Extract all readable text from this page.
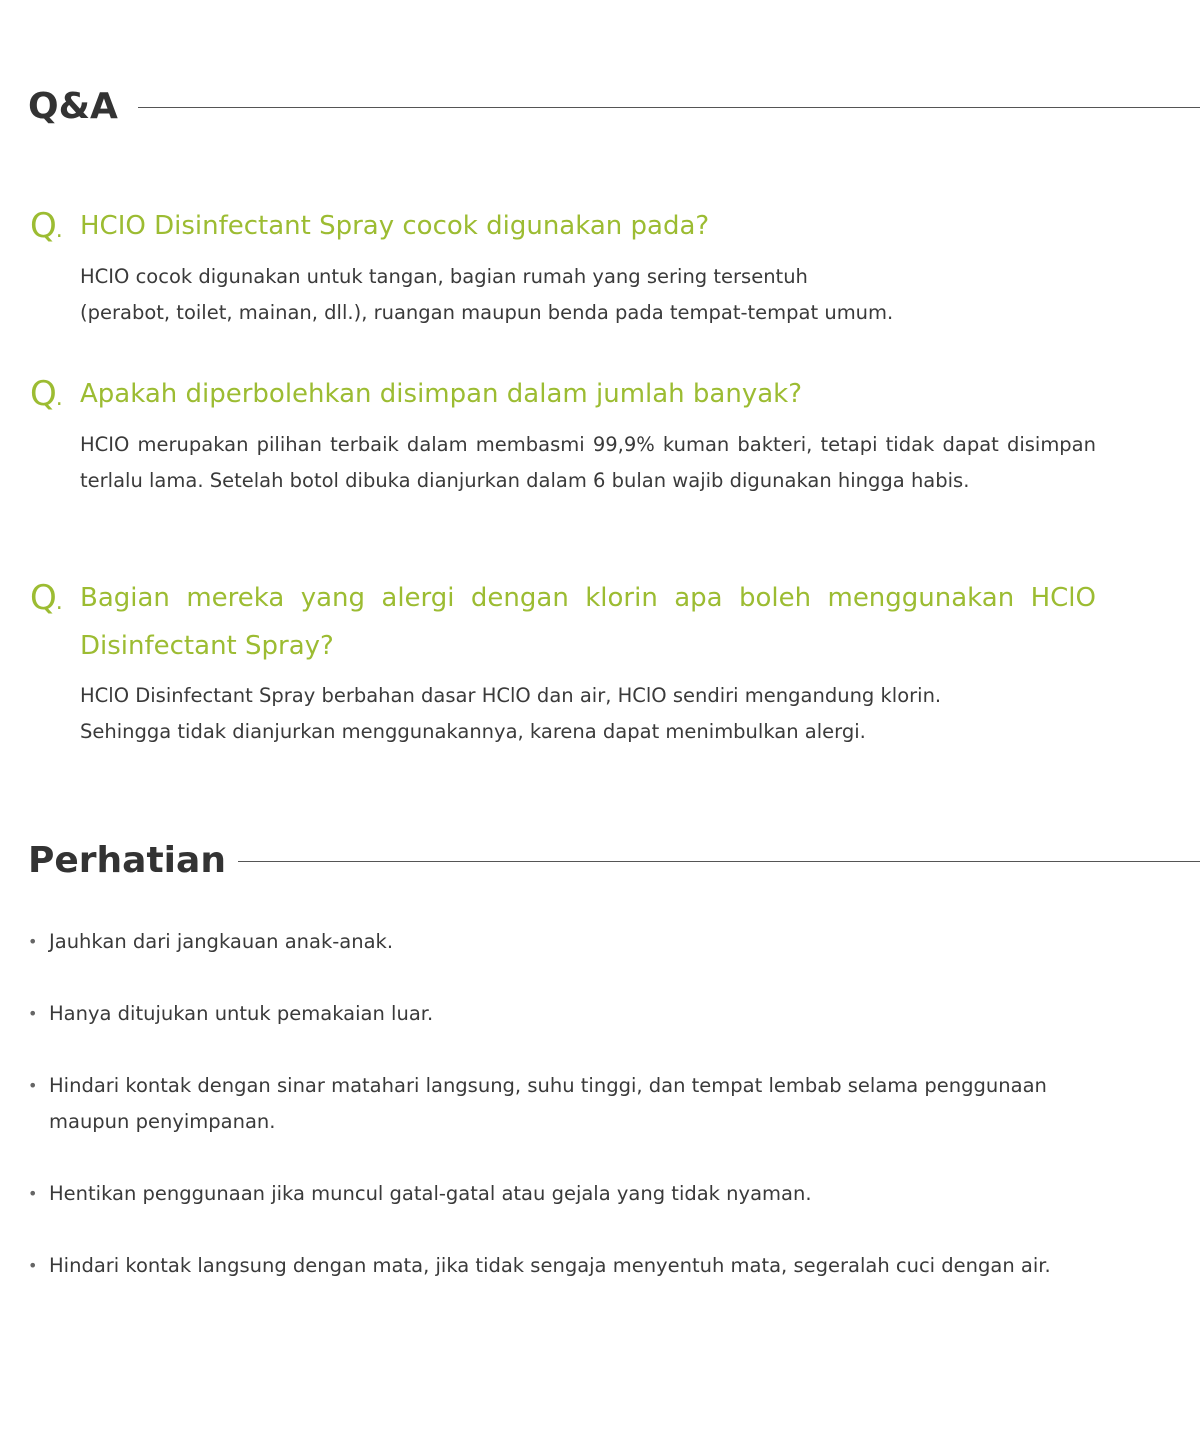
Q&A
Q. HCIO Disinfectant Spray cocok digunakan pada?
HCIO cocok digunakan untuk tangan, bagian rumah yang sering tersentuh
(perabot, toilet, mainan, dll.), ruangan maupun benda pada tempat-tempat umum.
Q. Apakah diperbolehkan disimpan dalam jumlah banyak?
HCIO merupakan pilihan terbaik dalam membasmi 99,9% kuman bakteri, tetapi tidak dapat disimpan terlalu lama. Setelah botol dibuka dianjurkan dalam 6 bulan wajib digunakan hingga habis.
Q. Bagian mereka yang alergi dengan klorin apa boleh menggunakan HClO Disinfectant Spray?
HClO Disinfectant Spray berbahan dasar HClO dan air, HClO sendiri mengandung klorin.
Sehingga tidak dianjurkan menggunakannya, karena dapat menimbulkan alergi.
Perhatian
• Jauhkan dari jangkauan anak-anak.
• Hanya ditujukan untuk pemakaian luar.
• Hindari kontak dengan sinar matahari langsung, suhu tinggi, dan tempat lembab selama penggunaan maupun penyimpanan.
• Hentikan penggunaan jika muncul gatal-gatal atau gejala yang tidak nyaman.
• Hindari kontak langsung dengan mata, jika tidak sengaja menyentuh mata, segeralah cuci dengan air.
